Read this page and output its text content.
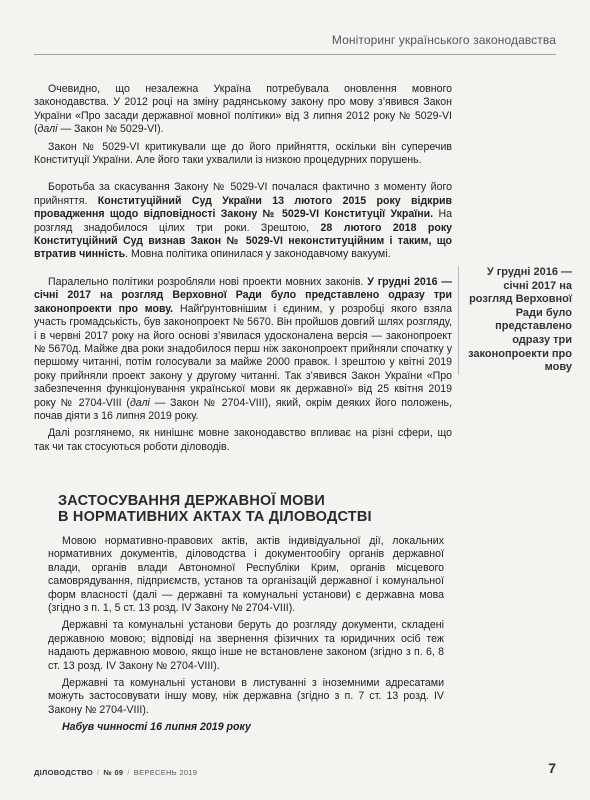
Моніторинг українського законодавства

Очевидно, що незалежна Україна потребувала оновлення мовного законодавства. У 2012 році на зміну радянському закону про мову з’явився Закон України «Про засади державної мовної політики» від 3 липня 2012 року № 5029-VI (далі — Закон № 5029-VI).

Закон № 5029-VI критикували ще до його прийняття, оскільки він суперечив Конституції України. Але його таки ухвалили із низкою процедурних порушень.

Боротьба за скасування Закону № 5029-VI почалася фактично з моменту його прийняття. Конституційний Суд України 13 лютого 2015 року відкрив провадження щодо відповідності Закону № 5029-VI Конституції України. На розгляд знадобилося цілих три роки. Зрештою, 28 лютого 2018 року Конституційний Суд визнав Закон № 5029-VI неконституційним і таким, що втратив чинність. Мовна політика опинилася у законодавчому вакуумі.

Паралельно політики розробляли нові проекти мовних законів. У грудні 2016 — січні 2017 на розгляд Верховної Ради було представлено одразу три законопроекти про мову. Найґрунтовнішим і єдиним, у розробці якого взяла участь громадськість, був законопроект № 5670. Він пройшов довгий шлях розгляду, і в червні 2017 року на його основі з’явилася удосконалена версія — законопроект № 5670д. Майже два роки знадобилося перш ніж законопроект прийняли спочатку у першому читанні, потім голосували за майже 2000 правок. І зрештою у квітні 2019 року прийняли проект закону у другому читанні. Так з’явився Закон України «Про забезпечення функціонування української мови як державної» від 25 квітня 2019 року № 2704-VIII (далі — Закон № 2704-VIII), який, окрім деяких його положень, почав діяти з 16 липня 2019 року.

Далі розглянемо, як нинішнє мовне законодавство впливає на різні сфери, що так чи так стосуються роботи діловодів.

У грудні 2016 — січні 2017 на розгляд Верховної Ради було представлено одразу три законопроекти про мову
ЗАСТОСУВАННЯ ДЕРЖАВНОЇ МОВИ
В НОРМАТИВНИХ АКТАХ ТА ДІЛОВОДСТВІ

Мовою нормативно-правових актів, актів індивідуальної дії, локальних нормативних документів, діловодства і документообігу органів державної влади, органів влади Автономної Республіки Крим, органів місцевого самоврядування, підприємств, установ та організацій державної і комунальної форм власності (далі — державні та комунальні установи) є державна мова (згідно з п. 1, 5 ст. 13 розд. IV Закону № 2704-VIII).

Державні та комунальні установи беруть до розгляду документи, складені державною мовою; відповіді на звернення фізичних та юридичних осіб теж надають державною мовою, якщо інше не встановлене законом (згідно з п. 6, 8 ст. 13 розд. IV Закону № 2704-VIII).

Державні та комунальні установи в листуванні з іноземними адресатами можуть застосовувати іншу мову, ніж державна (згідно з п. 7 ст. 13 розд. IV Закону № 2704-VIII).

Набув чинності 16 липня 2019 року

ДІЛОВОДСТВО / № 09 / ВЕРЕСЕНЬ 2019	7
